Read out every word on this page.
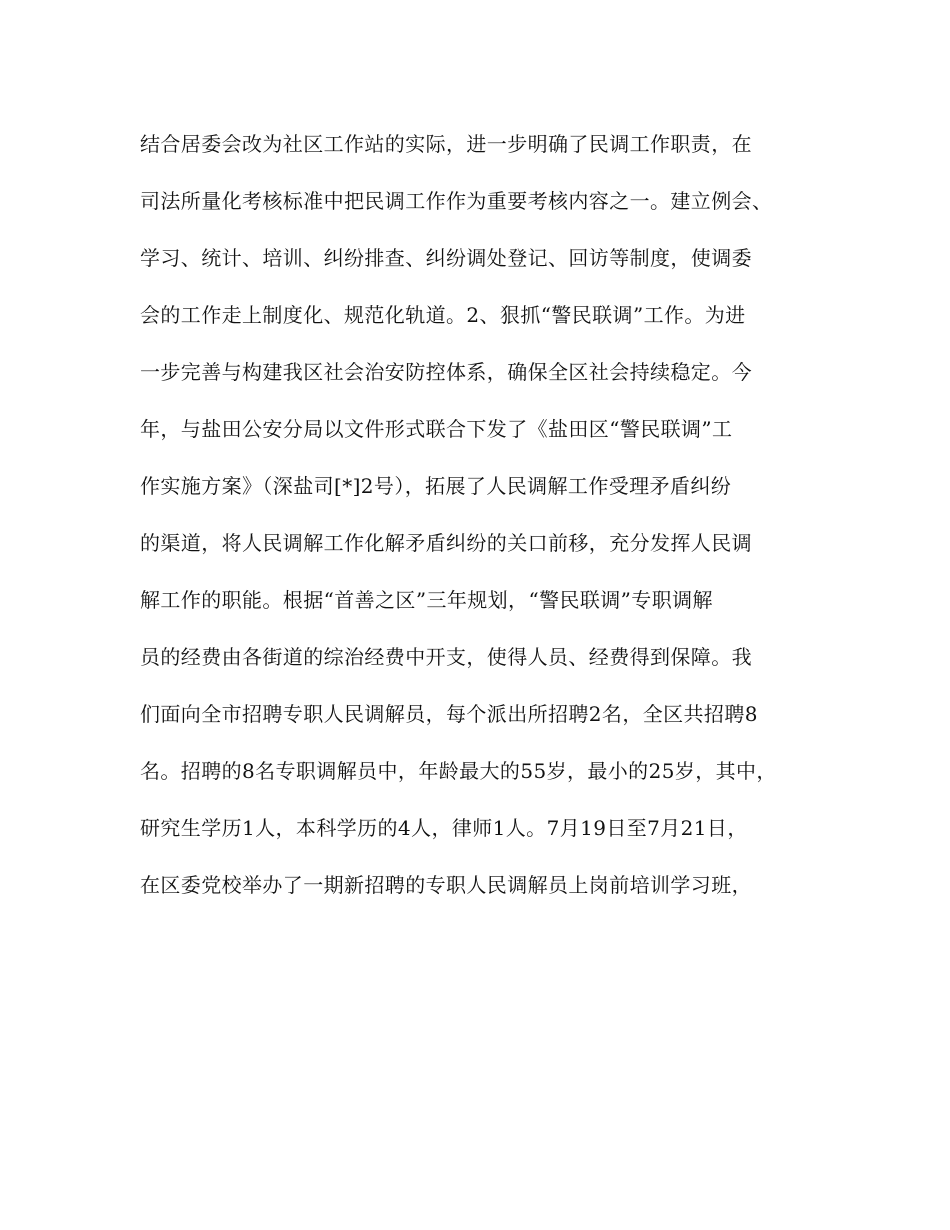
结合居委会改为社区工作站的实际，进一步明确了民调工作职责，在
司法所量化考核标准中把民调工作作为重要考核内容之一。建立例会、
学习、统计、培训、纠纷排查、纠纷调处登记、回访等制度，使调委
会的工作走上制度化、规范化轨道。2、狠抓“警民联调”工作。为进
一步完善与构建我区社会治安防控体系，确保全区社会持续稳定。今
年，与盐田公安分局以文件形式联合下发了《盐田区“警民联调”工
作实施方案》（深盐司[*]2号），拓展了人民调解工作受理矛盾纠纷
的渠道，将人民调解工作化解矛盾纠纷的关口前移，充分发挥人民调
解工作的职能。根据“首善之区”三年规划，“警民联调”专职调解
员的经费由各街道的综治经费中开支，使得人员、经费得到保障。我
们面向全市招聘专职人民调解员，每个派出所招聘2名，全区共招聘8
名。招聘的8名专职调解员中，年龄最大的55岁，最小的25岁，其中，
研究生学历1人，本科学历的4人，律师1人。7月19日至7月21日，
在区委党校举办了一期新招聘的专职人民调解员上岗前培训学习班，
